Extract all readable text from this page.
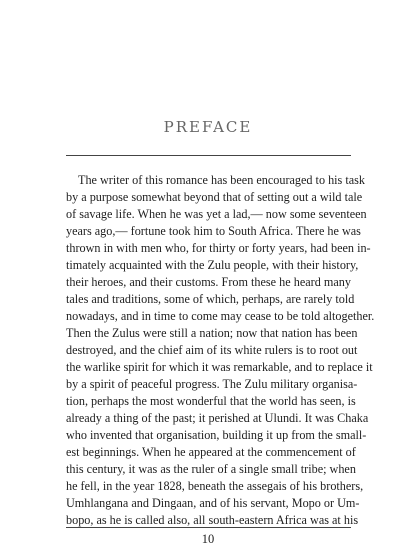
PREFACE
The writer of this romance has been encouraged to his task
by a purpose somewhat beyond that of setting out a wild tale
of savage life. When he was yet a lad,— now some seventeen
years ago,— fortune took him to South Africa. There he was
thrown in with men who, for thirty or forty years, had been in-
timately acquainted with the Zulu people, with their history,
their heroes, and their customs. From these he heard many
tales and traditions, some of which, perhaps, are rarely told
nowadays, and in time to come may cease to be told altogether.
Then the Zulus were still a nation; now that nation has been
destroyed, and the chief aim of its white rulers is to root out
the warlike spirit for which it was remarkable, and to replace it
by a spirit of peaceful progress. The Zulu military organisa-
tion, perhaps the most wonderful that the world has seen, is
already a thing of the past; it perished at Ulundi. It was Chaka
who invented that organisation, building it up from the small-
est beginnings. When he appeared at the commencement of
this century, it was as the ruler of a single small tribe; when
he fell, in the year 1828, beneath the assegais of his brothers,
Umhlangana and Dingaan, and of his servant, Mopo or Um-
bopo, as he is called also, all south-eastern Africa was at his
10
